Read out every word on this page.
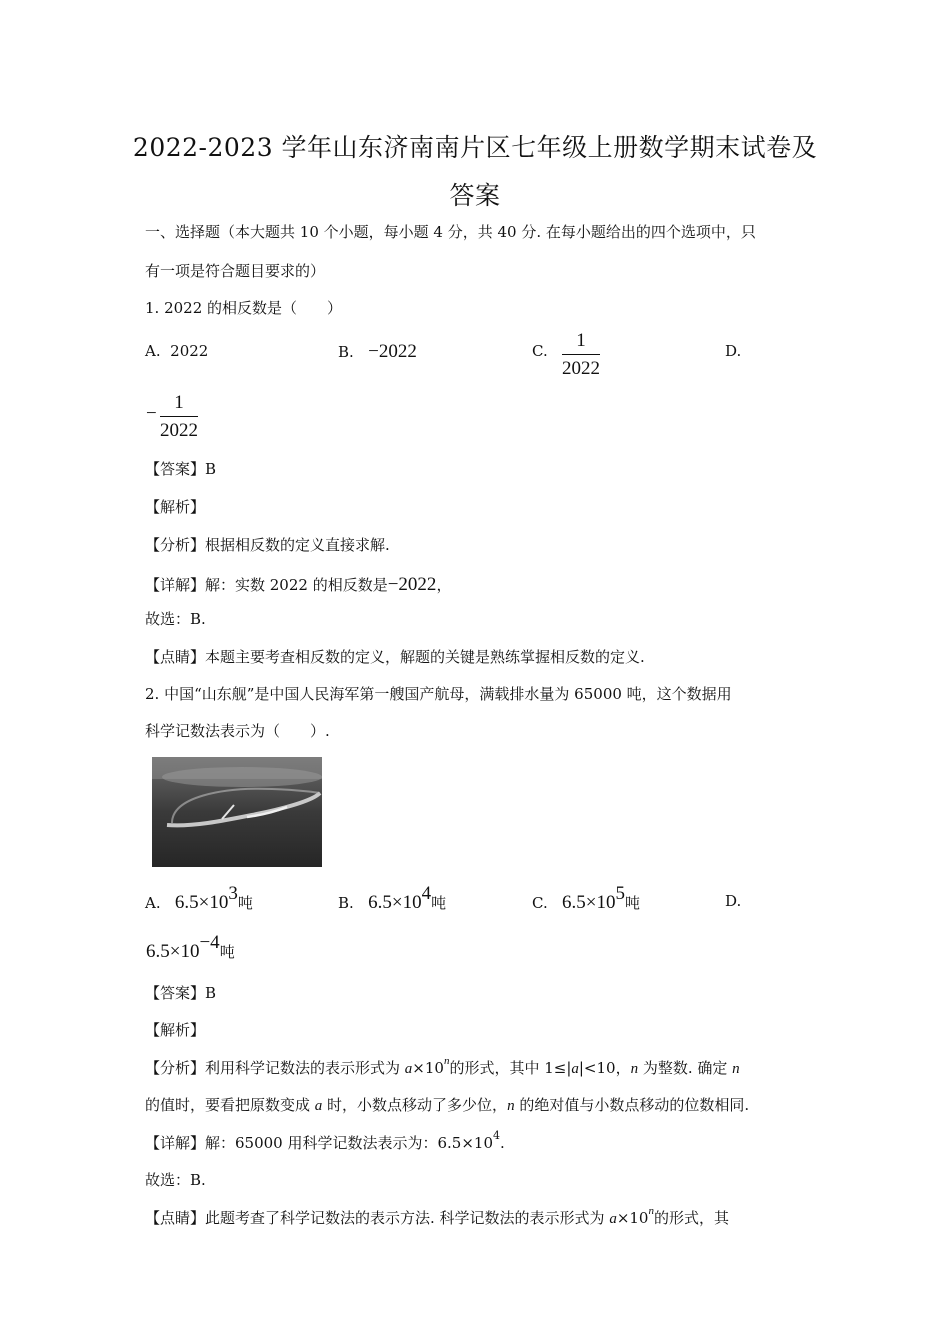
2022-2023 学年山东济南南片区七年级上册数学期末试卷及
答案
一、选择题（本大题共 10 个小题，每小题 4 分，共 40 分. 在每小题给出的四个选项中，只
有一项是符合题目要求的）
1. 2022 的相反数是（　　）
A. 2022	B. −2022	C. 1
2022
D.
−
1
2022
【答案】B
【解析】
【分析】根据相反数的定义直接求解.
【详解】解：实数 2022 的相反数是−2022，
故选：B.
【点睛】本题主要考查相反数的定义，解题的关键是熟练掌握相反数的定义.
2. 中国“山东舰”是中国人民海军第一艘国产航母，满载排水量为 65000 吨，这个数据用
科学记数法表示为（　　）.
A. $6.5\times 10^3$吨	B. $6.5\times 10^4$吨	C. $6.5\times 10^5$吨	D.
$6.5\times 10^{-4}$吨
【答案】B
【解析】
【分析】利用科学记数法的表示形式为 $a\times 10^n$的形式，其中 1≤|a|<10，n 为整数. 确定 n
的值时，要看把原数变成 a 时，小数点移动了多少位，n 的绝对值与小数点移动的位数相同.
【详解】解：65000 用科学记数法表示为：$6.5\times 10^4$.
故选：B.
【点睛】此题考查了科学记数法的表示方法. 科学记数法的表示形式为 $a\times 10^n$的形式，其
